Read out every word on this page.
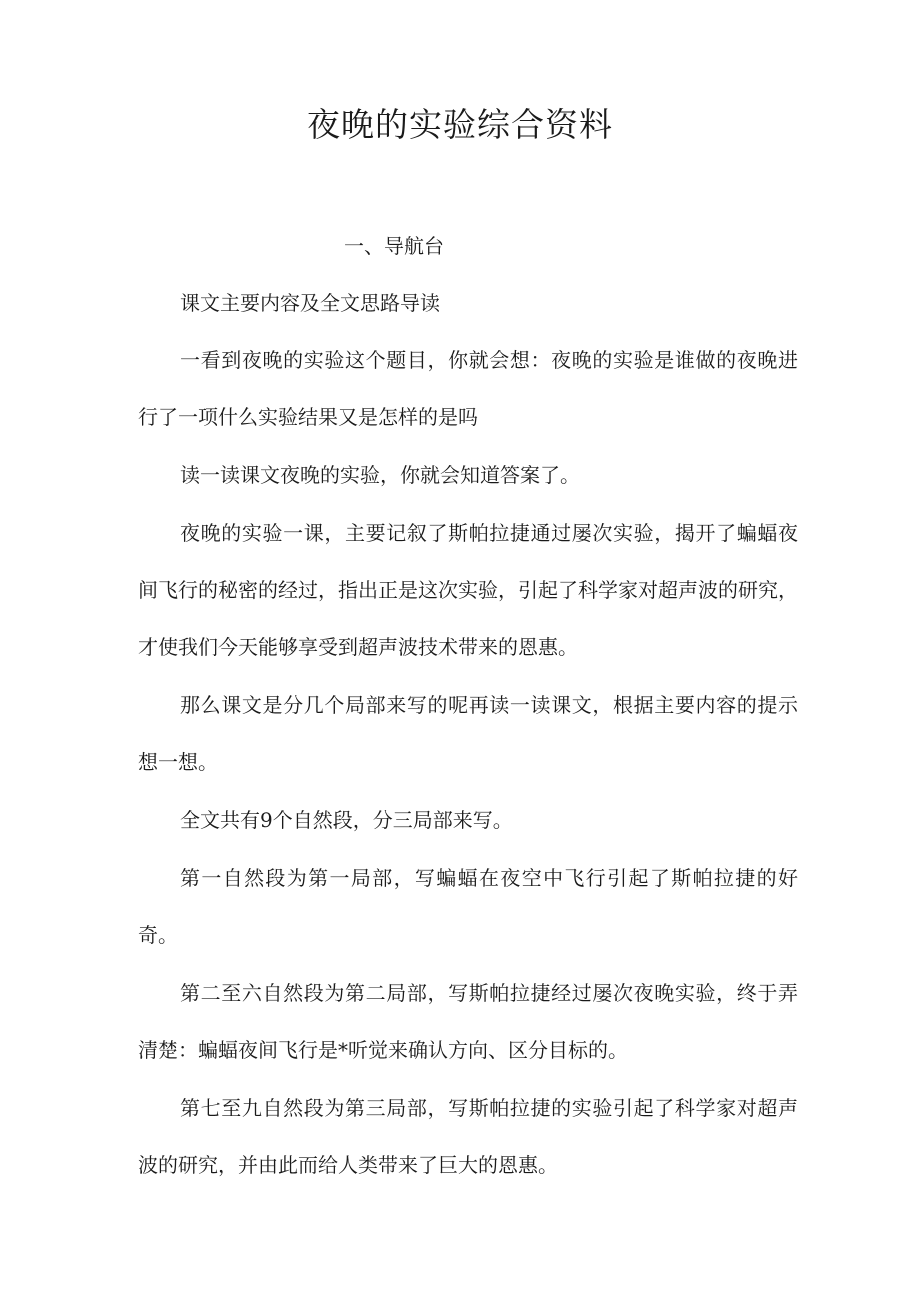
夜晚的实验综合资料

一、导航台

课文主要内容及全文思路导读

一看到夜晚的实验这个题目，你就会想：夜晚的实验是谁做的夜晚进行了一项什么实验结果又是怎样的是吗

读一读课文夜晚的实验，你就会知道答案了。

夜晚的实验一课，主要记叙了斯帕拉捷通过屡次实验，揭开了蝙蝠夜间飞行的秘密的经过，指出正是这次实验，引起了科学家对超声波的研究，才使我们今天能够享受到超声波技术带来的恩惠。

那么课文是分几个局部来写的呢再读一读课文，根据主要内容的提示想一想。

全文共有9个自然段，分三局部来写。

第一自然段为第一局部，写蝙蝠在夜空中飞行引起了斯帕拉捷的好奇。

第二至六自然段为第二局部，写斯帕拉捷经过屡次夜晚实验，终于弄清楚：蝙蝠夜间飞行是*听觉来确认方向、区分目标的。

第七至九自然段为第三局部，写斯帕拉捷的实验引起了科学家对超声波的研究，并由此而给人类带来了巨大的恩惠。
